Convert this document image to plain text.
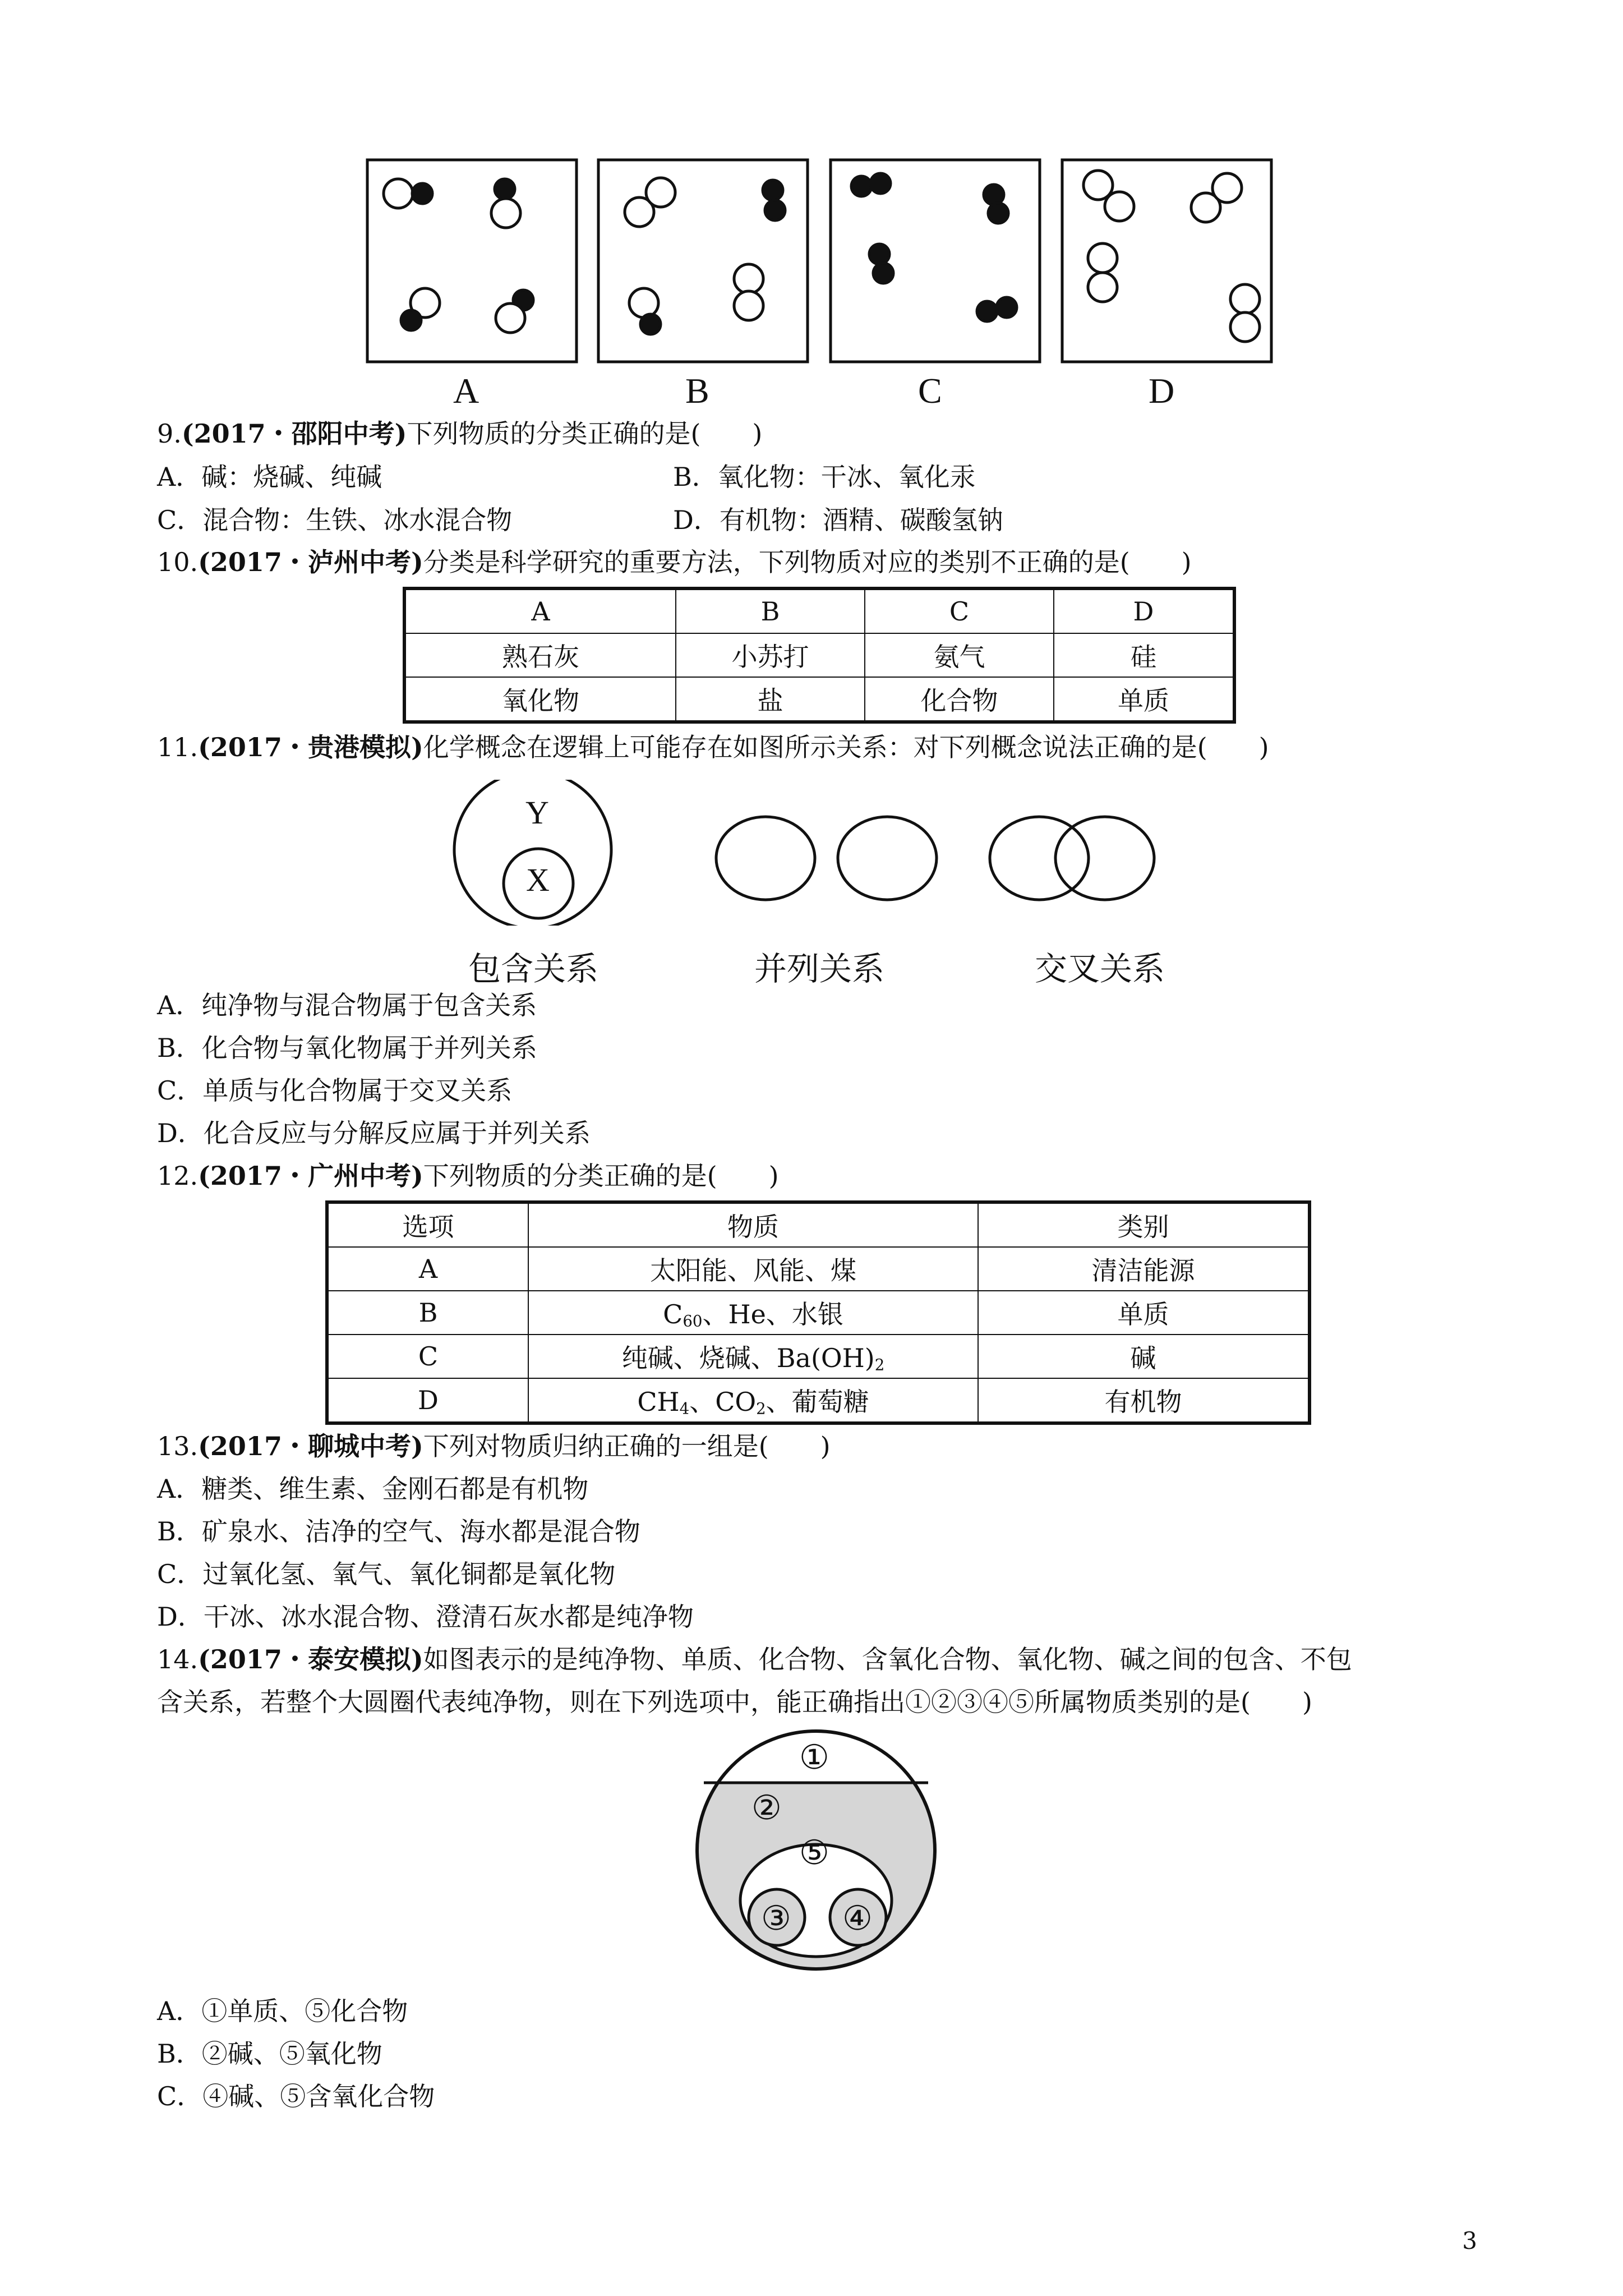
A	B	C	D
9.(2017・邵阳中考)下列物质的分类正确的是(　　)
A．碱：烧碱、纯碱	B．氧化物：干冰、氧化汞
C．混合物：生铁、冰水混合物	D．有机物：酒精、碳酸氢钠
10.(2017・泸州中考)分类是科学研究的重要方法，下列物质对应的类别不正确的是(　　)
A	B	C	D
熟石灰	小苏打	氨气	硅
氧化物	盐	化合物	单质
11.(2017・贵港模拟)化学概念在逻辑上可能存在如图所示关系：对下列概念说法正确的是(　　)
Y
X
包含关系	并列关系	交叉关系
A．纯净物与混合物属于包含关系
B．化合物与氧化物属于并列关系
C．单质与化合物属于交叉关系
D．化合反应与分解反应属于并列关系
12.(2017・广州中考)下列物质的分类正确的是(　　)
选项	物质	类别
A	太阳能、风能、煤	清洁能源
B	$C_{60}$、He、水银	单质
C	纯碱、烧碱、$Ba(OH)_2$	碱
D	$CH_4$、$CO_2$、葡萄糖	有机物
13.(2017・聊城中考)下列对物质归纳正确的一组是(　　)
A．糖类、维生素、金刚石都是有机物
B．矿泉水、洁净的空气、海水都是混合物
C．过氧化氢、氧气、氧化铜都是氧化物
D．干冰、冰水混合物、澄清石灰水都是纯净物
14.(2017・泰安模拟)如图表示的是纯净物、单质、化合物、含氧化合物、氧化物、碱之间的包含、不包
含关系，若整个大圆圈代表纯净物，则在下列选项中，能正确指出①②③④⑤所属物质类别的是(　　)
①
②
⑤
③ ④
A．①单质、⑤化合物
B．②碱、⑤氧化物
C．④碱、⑤含氧化合物
3
